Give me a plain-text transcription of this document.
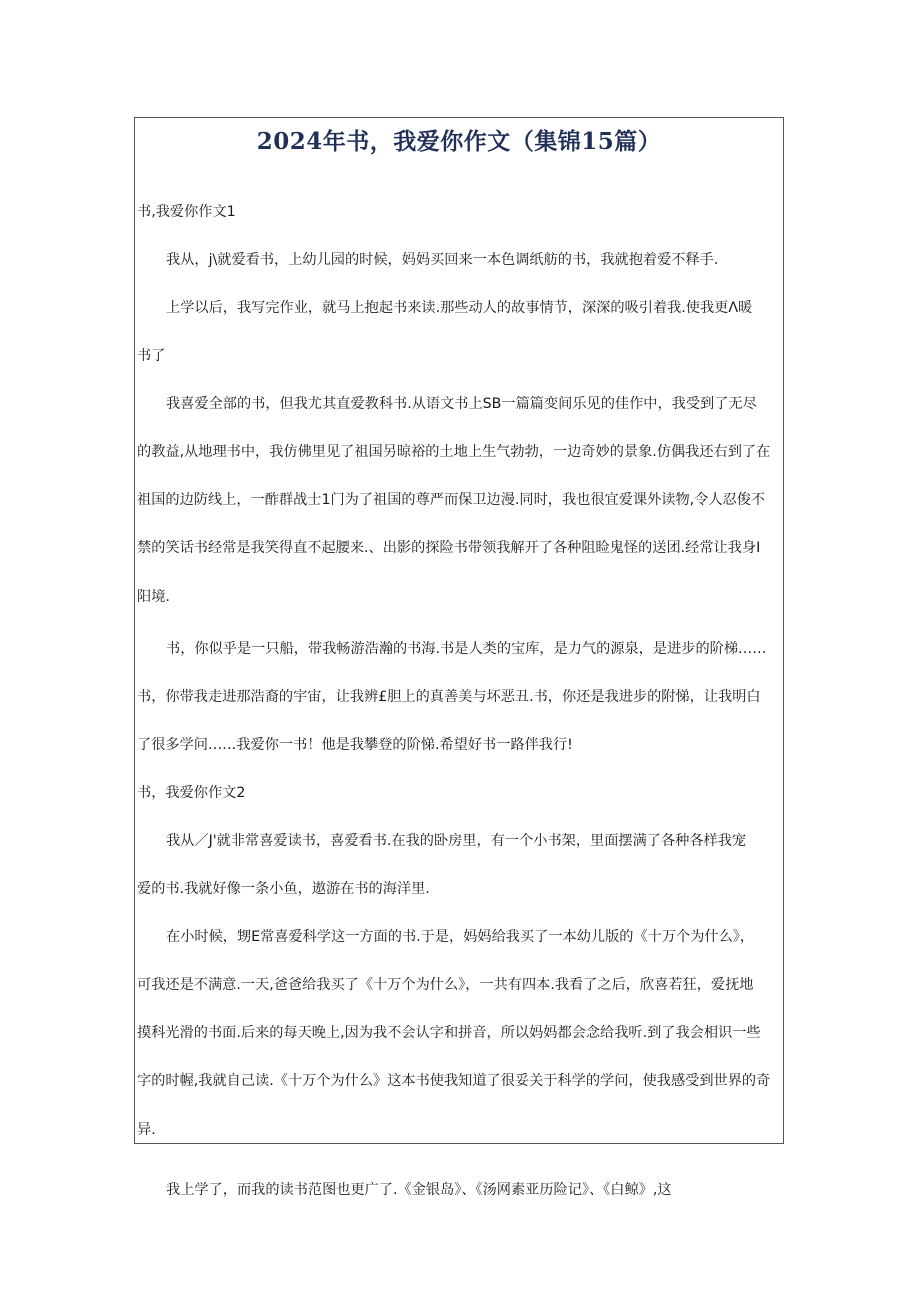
2024年书，我爱你作文（集锦15篇）

书,我爱你作文1

我从，j\就爱看书，上幼儿园的时候，妈妈买回来一本色调纸舫的书，我就抱着爱不释手.

上学以后，我写完作业，就马上抱起书来读.那些动人的故事情节，深深的吸引着我.使我更Λ暖

书了

我喜爱全部的书，但我尤其直爱教科书.从语文书上SB一篇篇变间乐见的佳作中，我受到了无尽

的教益,从地理书中，我仿佛里见了祖国另晾裕的土地上生气勃勃，一边奇妙的景象.仿偶我还右到了在

祖国的边防线上，一酢群战士1门为了祖国的尊严而保卫边漫.同时，我也很宜爱课外读物,令人忍俊不

禁的笑话书经常是我笑得直不起腰来.、出影的探险书带领我解开了各种阻睑鬼怪的送团.经常让我身I

阳境.

书，你似乎是一只船，带我畅游浩瀚的书海.书是人类的宝库，是力气的源泉，是进步的阶梯……

书，你带我走进那浩裔的宇宙，让我辨£胆上的真善美与坏恶丑.书，你还是我进步的附悌，让我明白

了很多学问……我爱你一书！他是我攀登的阶悌.希望好书一路伴我行!

书，我爱你作文2

我从／J'就非常喜爱读书，喜爱看书.在我的卧房里，有一个小书架，里面摆满了各种各样我宠

爱的书.我就好像一条小鱼，遨游在书的海洋里.

在小时候，甥E常喜爱科学这一方面的书.于是，妈妈给我买了一本幼儿版的《十万个为什么》，

可我还是不满意.一天,爸爸给我买了《十万个为什么》，一共有四本.我看了之后，欣喜若狂，爱抚地

摸科光滑的书面.后来的每天晚上,因为我不会认字和拼音，所以妈妈都会念给我听.到了我会相识一些

字的时幄,我就自己读.《十万个为什么》这本书使我知道了很妥关于科学的学问，使我感受到世界的奇

异.

我上学了，而我的读书范图也更广了.《金银岛》、《汤网素亚历险记》、《白鲸》,这
